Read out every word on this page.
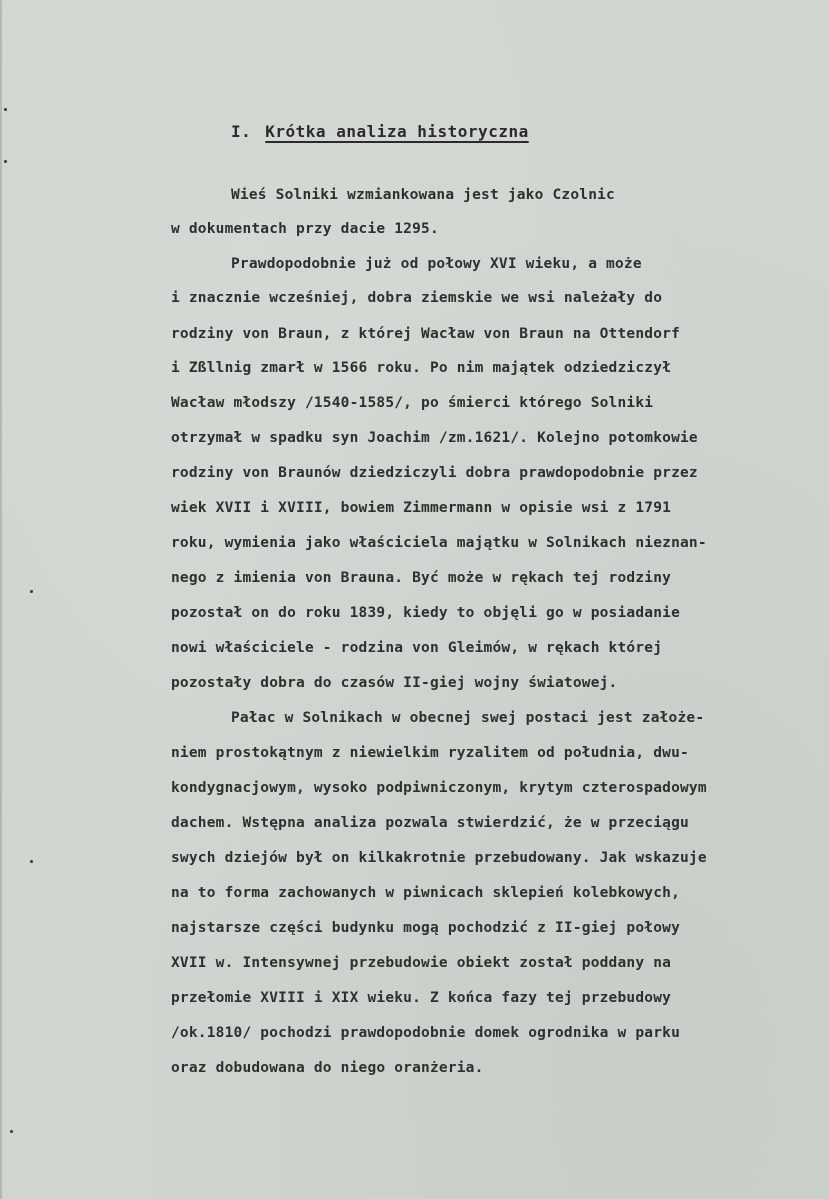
I. Krótka analiza historyczna
Wieś Solniki wzmiankowana jest jako Czolnic
w dokumentach przy dacie 1295.
Prawdopodobnie już od połowy XVI wieku, a może
i znacznie wcześniej, dobra ziemskie we wsi należały do
rodziny von Braun, z której Wacław von Braun na Ottendorf
i Zßllnig zmarł w 1566 roku. Po nim majątek odziedziczył
Wacław młodszy /1540-1585/, po śmierci którego Solniki
otrzymał w spadku syn Joachim /zm.1621/. Kolejno potomkowie
rodziny von Braunów dziedziczyli dobra prawdopodobnie przez
wiek XVII i XVIII, bowiem Zimmermann w opisie wsi z 1791
roku, wymienia jako właściciela majątku w Solnikach nieznan-
nego z imienia von Brauna. Być może w rękach tej rodziny
pozostał on do roku 1839, kiedy to objęli go w posiadanie
nowi właściciele - rodzina von Gleimów, w rękach której
pozostały dobra do czasów II-giej wojny światowej.
Pałac w Solnikach w obecnej swej postaci jest założe-
niem prostokątnym z niewielkim ryzalitem od południa, dwu-
kondygnacjowym, wysoko podpiwniczonym, krytym czterospadowym
dachem. Wstępna analiza pozwala stwierdzić, że w przeciągu
swych dziejów był on kilkakrotnie przebudowany. Jak wskazuje
na to forma zachowanych w piwnicach sklepień kolebkowych,
najstarsze części budynku mogą pochodzić z II-giej połowy
XVII w. Intensywnej przebudowie obiekt został poddany na
przełomie XVIII i XIX wieku. Z końca fazy tej przebudowy
/ok.1810/ pochodzi prawdopodobnie domek ogrodnika w parku
oraz dobudowana do niego oranżeria.
